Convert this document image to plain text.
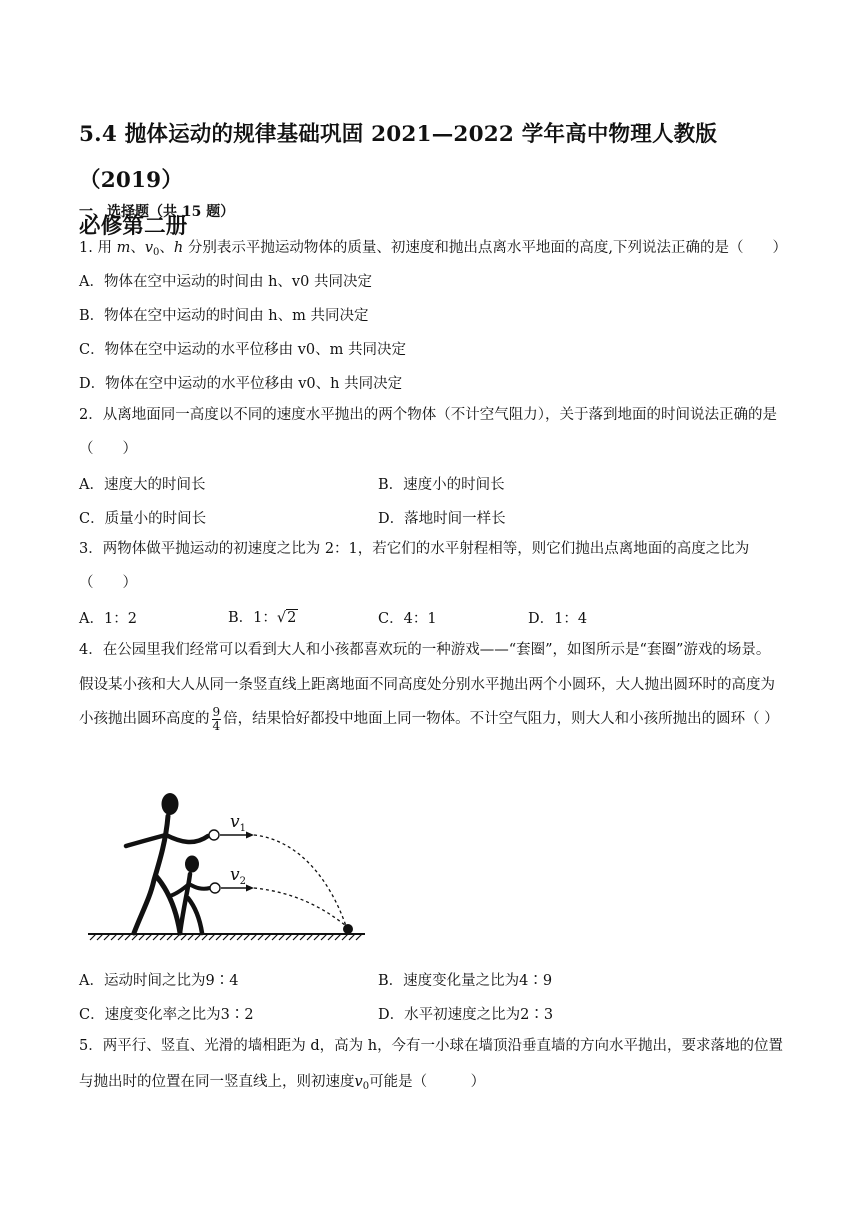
5.4 抛体运动的规律基础巩固 2021—2022 学年高中物理人教版（2019）
必修第二册
一、选择题（共 15 题）
1. 用 m、$v_0$、h 分别表示平抛运动物体的质量、初速度和抛出点离水平地面的高度,下列说法正确的是（　　）
A．物体在空中运动的时间由 h、v0 共同决定
B．物体在空中运动的时间由 h、m 共同决定
C．物体在空中运动的水平位移由 v0、m 共同决定
D．物体在空中运动的水平位移由 v0、h 共同决定
2．从离地面同一高度以不同的速度水平抛出的两个物体（不计空气阻力），关于落到地面的时间说法正确的是（　　）
A．速度大的时间长	B．速度小的时间长
C．质量小的时间长	D．落地时间一样长
3．两物体做平抛运动的初速度之比为 2：1，若它们的水平射程相等，则它们抛出点离地面的高度之比为（　　）
A．1：2	B．1：√2	C．4：1	D．1：4
4．在公园里我们经常可以看到大人和小孩都喜欢玩的一种游戏——“套圈”，如图所示是“套圈”游戏的场景。假设某小孩和大人从同一条竖直线上距离地面不同高度处分别水平抛出两个小圆环，大人抛出圆环时的高度为小孩抛出圆环高度的 $\frac{9}{4}$ 倍，结果恰好都投中地面上同一物体。不计空气阻力，则大人和小孩所抛出的圆环（ ）
$v_1$
$v_2$
A．运动时间之比为9∶4	B．速度变化量之比为4∶9
C．速度变化率之比为3∶2	D．水平初速度之比为2∶3
5．两平行、竖直、光滑的墙相距为 d，高为 h，今有一小球在墙顶沿垂直墙的方向水平抛出，要求落地的位置与抛出时的位置在同一竖直线上，则初速度$v_0$可能是（　　　）
